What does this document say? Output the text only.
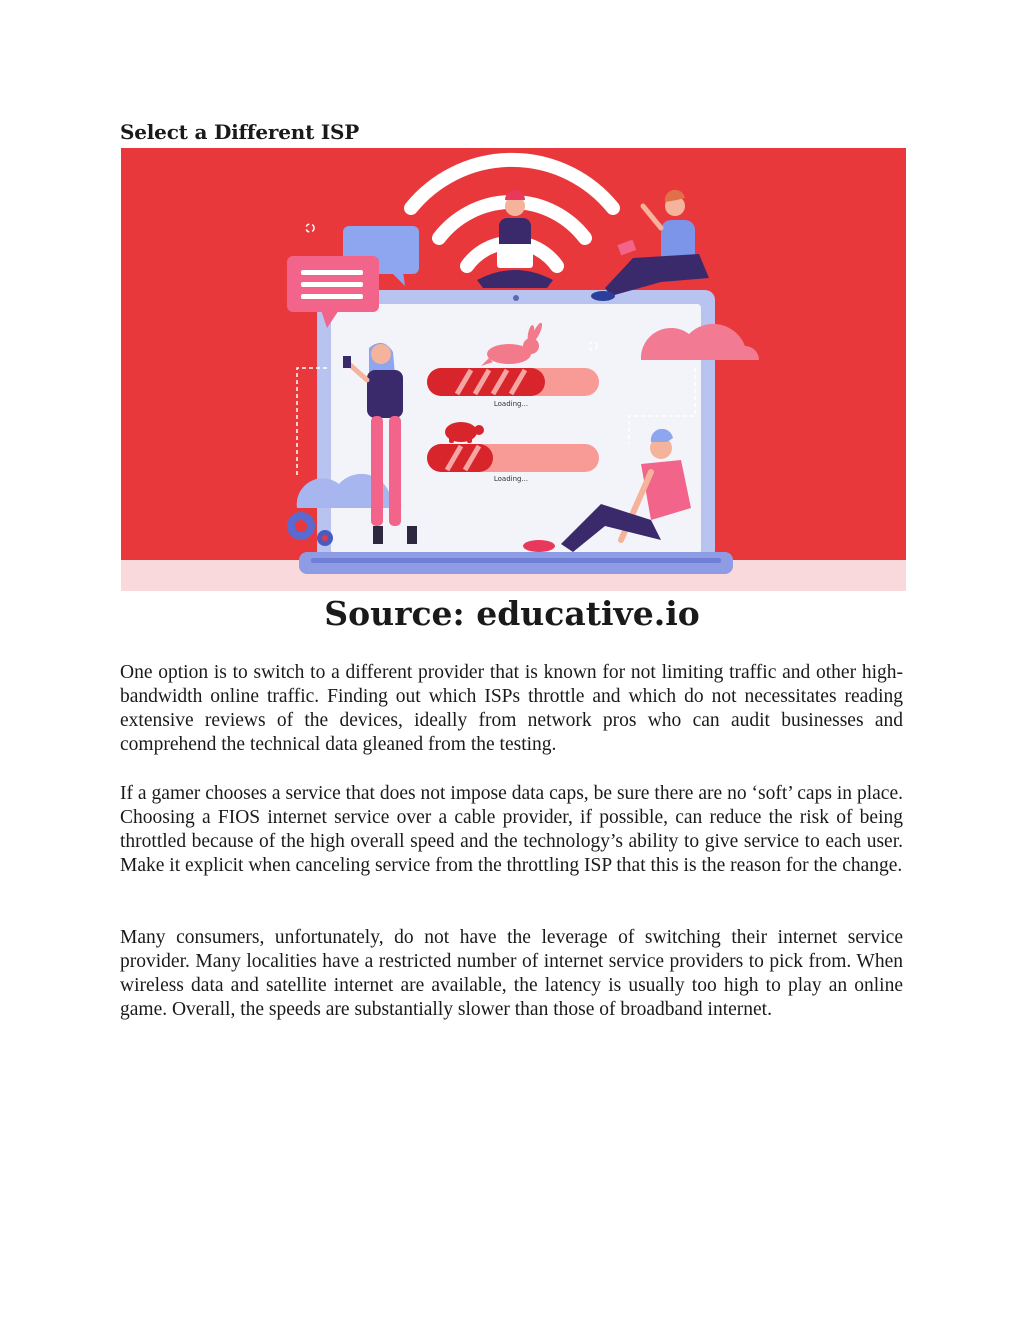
Select a Different ISP
Loading...
Loading...
Source: educative.io

One option is to switch to a different provider that is known for not limiting traffic and other high-bandwidth online traffic. Finding out which ISPs throttle and which do not necessitates reading extensive reviews of the devices, ideally from network pros who can audit businesses and comprehend the technical data gleaned from the testing.

If a gamer chooses a service that does not impose data caps, be sure there are no ‘soft’ caps in place. Choosing a FIOS internet service over a cable provider, if possible, can reduce the risk of being throttled because of the high overall speed and the technology’s ability to give service to each user. Make it explicit when canceling service from the throttling ISP that this is the reason for the change.

Many consumers, unfortunately, do not have the leverage of switching their internet service provider. Many localities have a restricted number of internet service providers to pick from. When wireless data and satellite internet are available, the latency is usually too high to play an online game. Overall, the speeds are substantially slower than those of broadband internet.
